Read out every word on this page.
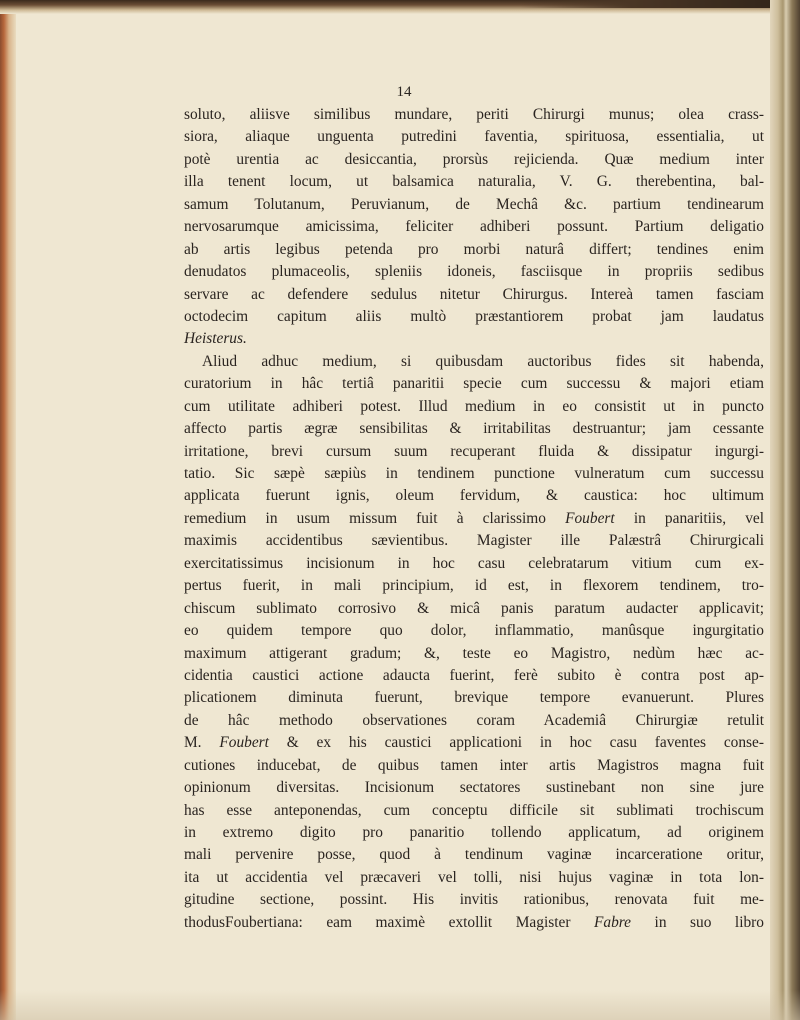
14
soluto, aliisve similibus mundare, periti Chirurgi munus; olea crass-
siora, aliaque unguenta putredini faventia, spirituosa, essentialia, ut
potè urentia ac desiccantia, prorsùs rejicienda. Quæ medium inter
illa tenent locum, ut balsamica naturalia, V. G. therebentina, bal-
samum Tolutanum, Peruvianum, de Mechâ &c. partium tendinearum
nervosarumque amicissima, feliciter adhiberi possunt. Partium deligatio
ab artis legibus petenda pro morbi naturâ differt; tendines enim
denudatos plumaceolis, spleniis idoneis, fasciisque in propriis sedibus
servare ac defendere sedulus nitetur Chirurgus. Intereà tamen fasciam
octodecim capitum aliis multò præstantiorem probat jam laudatus
Heisterus.
Aliud adhuc medium, si quibusdam auctoribus fides sit habenda,
curatorium in hâc tertiâ panaritii specie cum successu & majori etiam
cum utilitate adhiberi potest. Illud medium in eo consistit ut in puncto
affecto partis ægræ sensibilitas & irritabilitas destruantur; jam cessante
irritatione, brevi cursum suum recuperant fluida & dissipatur ingurgi-
tatio. Sic sæpè sæpiùs in tendinem punctione vulneratum cum successu
applicata fuerunt ignis, oleum fervidum, & caustica: hoc ultimum
remedium in usum missum fuit à clarissimo Foubert in panaritiis, vel
maximis accidentibus sævientibus. Magister ille Palæstrâ Chirurgicali
exercitatissimus incisionum in hoc casu celebratarum vitium cum ex-
pertus fuerit, in mali principium, id est, in flexorem tendinem, tro-
chiscum sublimato corrosivo & micâ panis paratum audacter applicavit;
eo quidem tempore quo dolor, inflammatio, manûsque ingurgitatio
maximum attigerant gradum; &, teste eo Magistro, nedùm hæc ac-
cidentia caustici actione adaucta fuerint, ferè subito è contra post ap-
plicationem diminuta fuerunt, brevique tempore evanuerunt. Plures
de hâc methodo observationes coram Academiâ Chirurgiæ retulit
M. Foubert & ex his caustici applicationi in hoc casu faventes conse-
cutiones inducebat, de quibus tamen inter artis Magistros magna fuit
opinionum diversitas. Incisionum sectatores sustinebant non sine jure
has esse anteponendas, cum conceptu difficile sit sublimati trochiscum
in extremo digito pro panaritio tollendo applicatum, ad originem
mali pervenire posse, quod à tendinum vaginæ incarceratione oritur,
ita ut accidentia vel præcaveri vel tolli, nisi hujus vaginæ in tota lon-
gitudine sectione, possint. His invitis rationibus, renovata fuit me-
thodusFoubertiana: eam maximè extollit Magister Fabre in suo libro
